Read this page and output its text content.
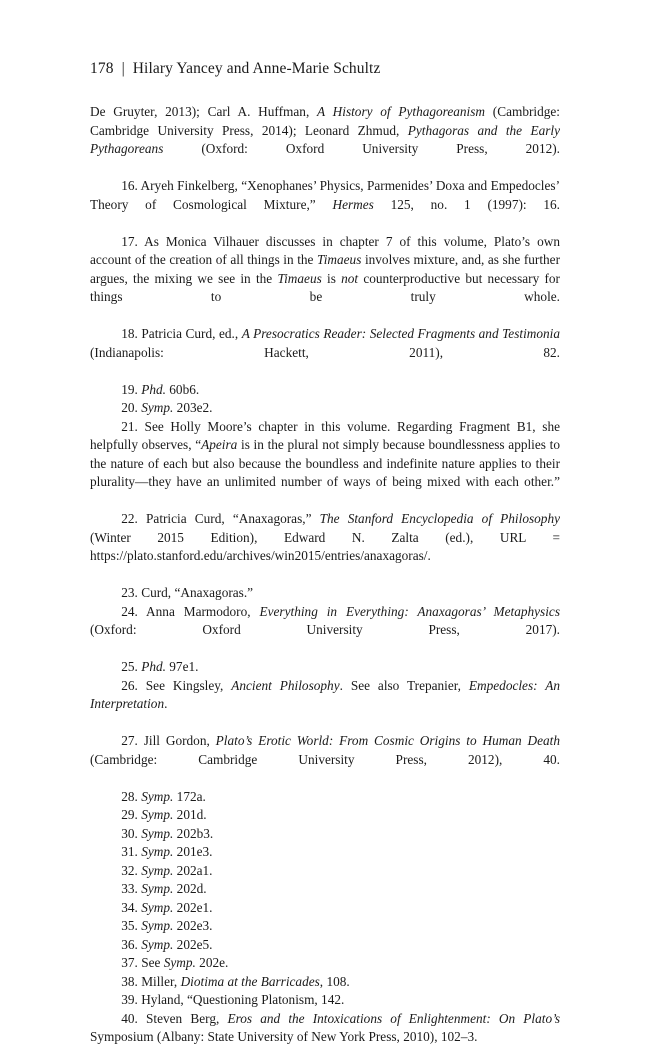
178 | Hilary Yancey and Anne-Marie Schultz

De Gruyter, 2013); Carl A. Huffman, A History of Pythagoreanism (Cambridge: Cambridge University Press, 2014); Leonard Zhmud, Pythagoras and the Early Pythagoreans (Oxford: Oxford University Press, 2012).

16. Aryeh Finkelberg, “Xenophanes’ Physics, Parmenides’ Doxa and Empedocles’ Theory of Cosmological Mixture,” Hermes 125, no. 1 (1997): 16.

17. As Monica Vilhauer discusses in chapter 7 of this volume, Plato’s own account of the creation of all things in the Timaeus involves mixture, and, as she further argues, the mixing we see in the Timaeus is not counterproductive but necessary for things to be truly whole.

18. Patricia Curd, ed., A Presocratics Reader: Selected Fragments and Testimonia (Indianapolis: Hackett, 2011), 82.

19. Phd. 60b6.

20. Symp. 203e2.

21. See Holly Moore’s chapter in this volume. Regarding Fragment B1, she helpfully observes, “Apeira is in the plural not simply because boundlessness applies to the nature of each but also because the boundless and indefinite nature applies to their plurality—they have an unlimited number of ways of being mixed with each other.”

22. Patricia Curd, “Anaxagoras,” The Stanford Encyclopedia of Philosophy (Winter 2015 Edition), Edward N. Zalta (ed.), URL = https://plato.stanford.edu/archives/win2015/entries/anaxagoras/.

23. Curd, “Anaxagoras.”

24. Anna Marmodoro, Everything in Everything: Anaxagoras’ Metaphysics (Oxford: Oxford University Press, 2017).

25. Phd. 97e1.

26. See Kingsley, Ancient Philosophy. See also Trepanier, Empedocles: An Interpretation.

27. Jill Gordon, Plato’s Erotic World: From Cosmic Origins to Human Death (Cambridge: Cambridge University Press, 2012), 40.

28. Symp. 172a.

29. Symp. 201d.

30. Symp. 202b3.

31. Symp. 201e3.

32. Symp. 202a1.

33. Symp. 202d.

34. Symp. 202e1.

35. Symp. 202e3.

36. Symp. 202e5.

37. See Symp. 202e.

38. Miller, Diotima at the Barricades, 108.

39. Hyland, “Questioning Platonism, 142.

40. Steven Berg, Eros and the Intoxications of Enlightenment: On Plato’s Symposium (Albany: State University of New York Press, 2010), 102–3.
